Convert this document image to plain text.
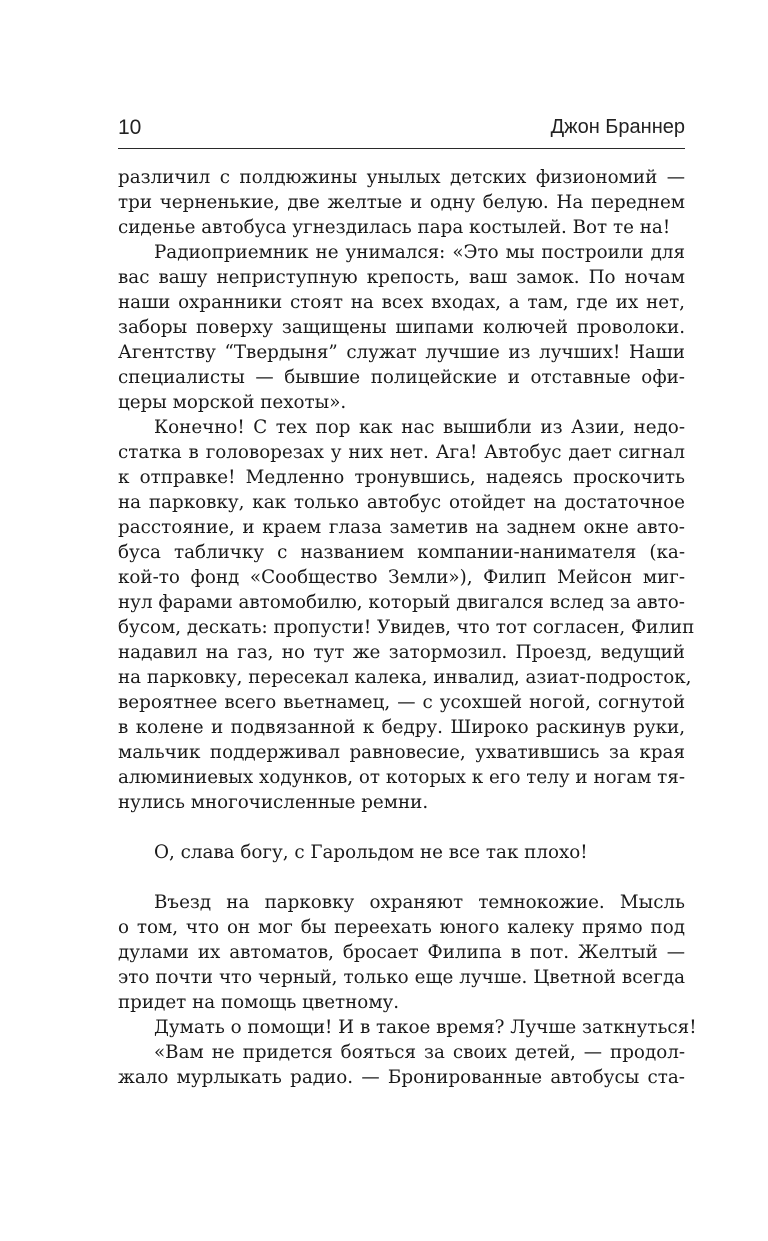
10	Джон Браннер
различил с полдюжины унылых детских физиономий —
три черненькие, две желтые и одну белую. На переднем
сиденье автобуса угнездилась пара костылей. Вот те на!
Радиоприемник не унимался: «Это мы построили для
вас вашу неприступную крепость, ваш замок. По ночам
наши охранники стоят на всех входах, а там, где их нет,
заборы поверху защищены шипами колючей проволоки.
Агентству “Твердыня” служат лучшие из лучших! Наши
специалисты — бывшие полицейские и отставные офи-
церы морской пехоты».
Конечно! С тех пор как нас вышибли из Азии, недо-
статка в головорезах у них нет. Ага! Автобус дает сигнал
к отправке! Медленно тронувшись, надеясь проскочить
на парковку, как только автобус отойдет на достаточное
расстояние, и краем глаза заметив на заднем окне авто-
буса табличку с названием компании-нанимателя (ка-
кой-то фонд «Сообщество Земли»), Филип Мейсон миг-
нул фарами автомобилю, который двигался вслед за авто-
бусом, дескать: пропусти! Увидев, что тот согласен, Филип
надавил на газ, но тут же затормозил. Проезд, ведущий
на парковку, пересекал калека, инвалид, азиат-подросток,
вероятнее всего вьетнамец, — с усохшей ногой, согнутой
в колене и подвязанной к бедру. Широко раскинув руки,
мальчик поддерживал равновесие, ухватившись за края
алюминиевых ходунков, от которых к его телу и ногам тя-
нулись многочисленные ремни.
О, слава богу, с Гарольдом не все так плохо!
Въезд на парковку охраняют темнокожие. Мысль
о том, что он мог бы переехать юного калеку прямо под
дулами их автоматов, бросает Филипа в пот. Желтый —
это почти что черный, только еще лучше. Цветной всегда
придет на помощь цветному.
Думать о помощи! И в такое время? Лучше заткнуться!
«Вам не придется бояться за своих детей, — продол-
жало мурлыкать радио. — Бронированные автобусы ста-
